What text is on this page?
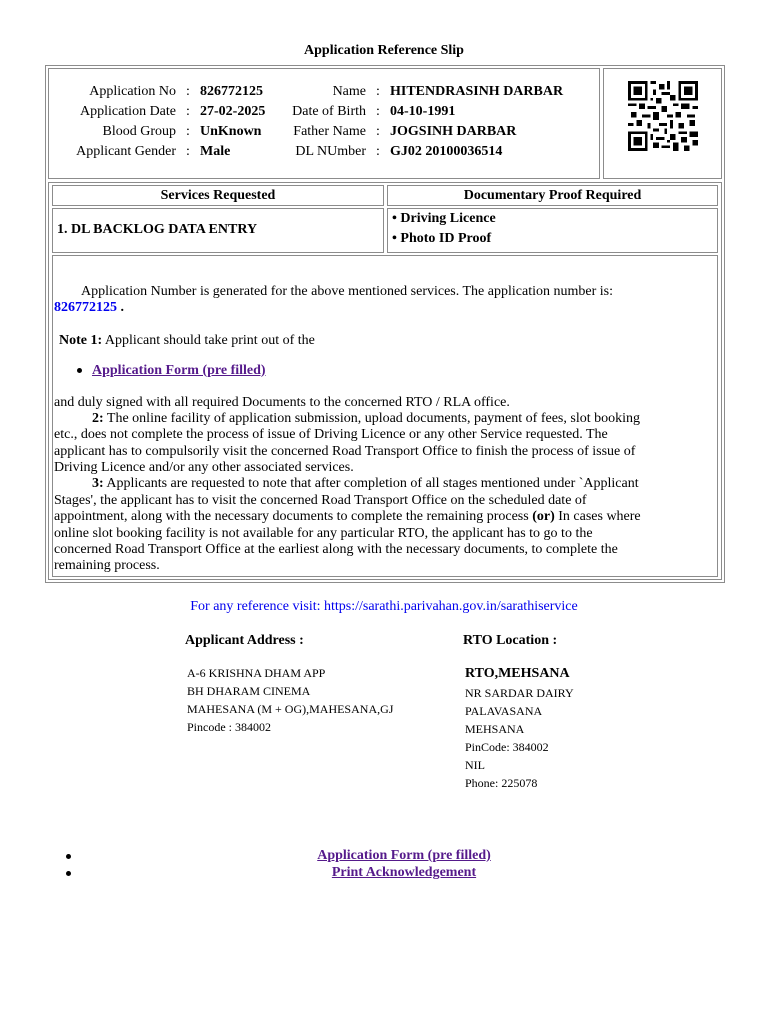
Application Reference Slip
Application No : 826772125
Application Date : 27-02-2025
Blood Group : UnKnown
Applicant Gender : Male
Name : HITENDRASINH DARBAR
Date of Birth : 04-10-1991
Father Name : JOGSINH DARBAR
DL NUmber : GJ02 20100036514
Services Requested	Documentary Proof Required
1. DL BACKLOG DATA ENTRY
• Driving Licence
• Photo ID Proof
Application Number is generated for the above mentioned services. The application number is:
826772125 .
Note 1: Applicant should take print out of the
Application Form (pre filled)
and duly signed with all required Documents to the concerned RTO / RLA office.
2: The online facility of application submission, upload documents, payment of fees, slot booking
etc., does not complete the process of issue of Driving Licence or any other Service requested. The
applicant has to compulsorily visit the concerned Road Transport Office to finish the process of issue of
Driving Licence and/or any other associated services.
3: Applicants are requested to note that after completion of all stages mentioned under `Applicant
Stages', the applicant has to visit the concerned Road Transport Office on the scheduled date of
appointment, along with the necessary documents to complete the remaining process (or) In cases where
online slot booking facility is not available for any particular RTO, the applicant has to go to the
concerned Road Transport Office at the earliest along with the necessary documents, to complete the
remaining process.
For any reference visit: https://sarathi.parivahan.gov.in/sarathiservice
Applicant Address :
A-6 KRISHNA DHAM APP
BH DHARAM CINEMA
MAHESANA (M + OG),MAHESANA,GJ
Pincode : 384002
RTO Location :
RTO,MEHSANA
NR SARDAR DAIRY
PALAVASANA
MEHSANA
PinCode: 384002
NIL
Phone: 225078
Application Form (pre filled)
Print Acknowledgement
